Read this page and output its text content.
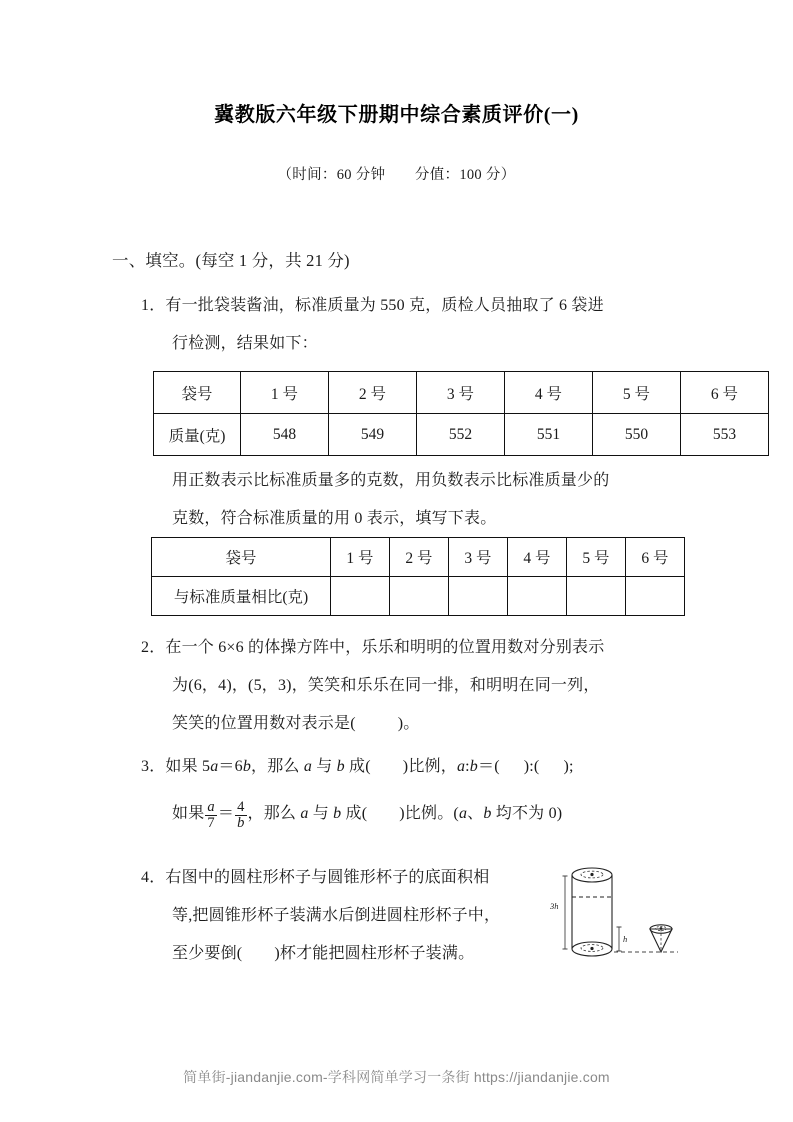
冀教版六年级下册期中综合素质评价(一)
（时间：60 分钟　　分值：100 分）
一、填空。(每空 1 分，共 21 分)
1．有一批袋装酱油，标准质量为 550 克，质检人员抽取了 6 袋进
行检测，结果如下：
袋号	1 号	2 号	3 号	4 号	5 号	6 号
质量(克)	548	549	552	551	550	553
用正数表示比标准质量多的克数，用负数表示比标准质量少的
克数，符合标准质量的用 0 表示，填写下表。
袋号	1 号	2 号	3 号	4 号	5 号	6 号
与标准质量相比(克)						
2．在一个 6×6 的体操方阵中，乐乐和明明的位置用数对分别表示
为(6，4)，(5，3)，笑笑和乐乐在同一排，和明明在同一列，
笑笑的位置用数对表示是(	)。
3．如果 5a＝6b，那么 a 与 b 成( )比例，a:b＝( ):( );
如果 $\frac{a}{7} = \frac{4}{b}$ ，那么 a 与 b 成( )比例。(a、b 均不为 0)
4．右图中的圆柱形杯子与圆锥形杯子的底面积相
等,把圆锥形杯子装满水后倒进圆柱形杯子中，
至少要倒( )杯才能把圆柱形杯子装满。
3h
h
简单街-jiandanjie.com-学科网简单学习一条街 https://jiandanjie.com
